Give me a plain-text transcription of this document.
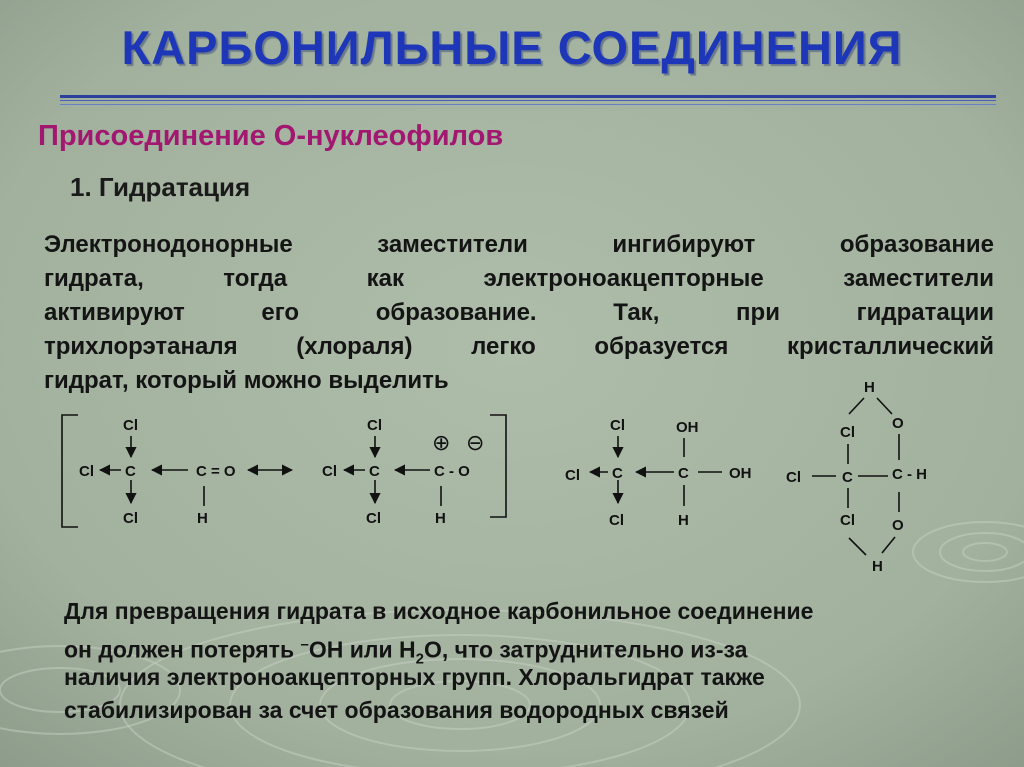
КАРБОНИЛЬНЫЕ СОЕДИНЕНИЯ
Присоединение О-нуклеофилов
1. Гидратация
Электронодонорные заместители ингибируют образование
гидрата, тогда как электроноакцепторные заместители
активируют его образование. Так, при гидратации
трихлорэтаналя (хлораля) легко образуется кристаллический
гидрат, который можно выделить
Cl
Cl C	C = O
Cl	H
Cl
Cl C	C - O
Cl	H
⊕ ⊖
Cl
Cl C	C
OH
OH
Cl	H
H
O
Cl
Cl	C	C - H
Cl O
H
Для превращения гидрата в исходное карбонильное соединение
он должен потерять –ОН или $Н_2О$, что затруднительно из-за
наличия электроноакцепторных групп. Хлоральгидрат также
стабилизирован за счет образования водородных связей
